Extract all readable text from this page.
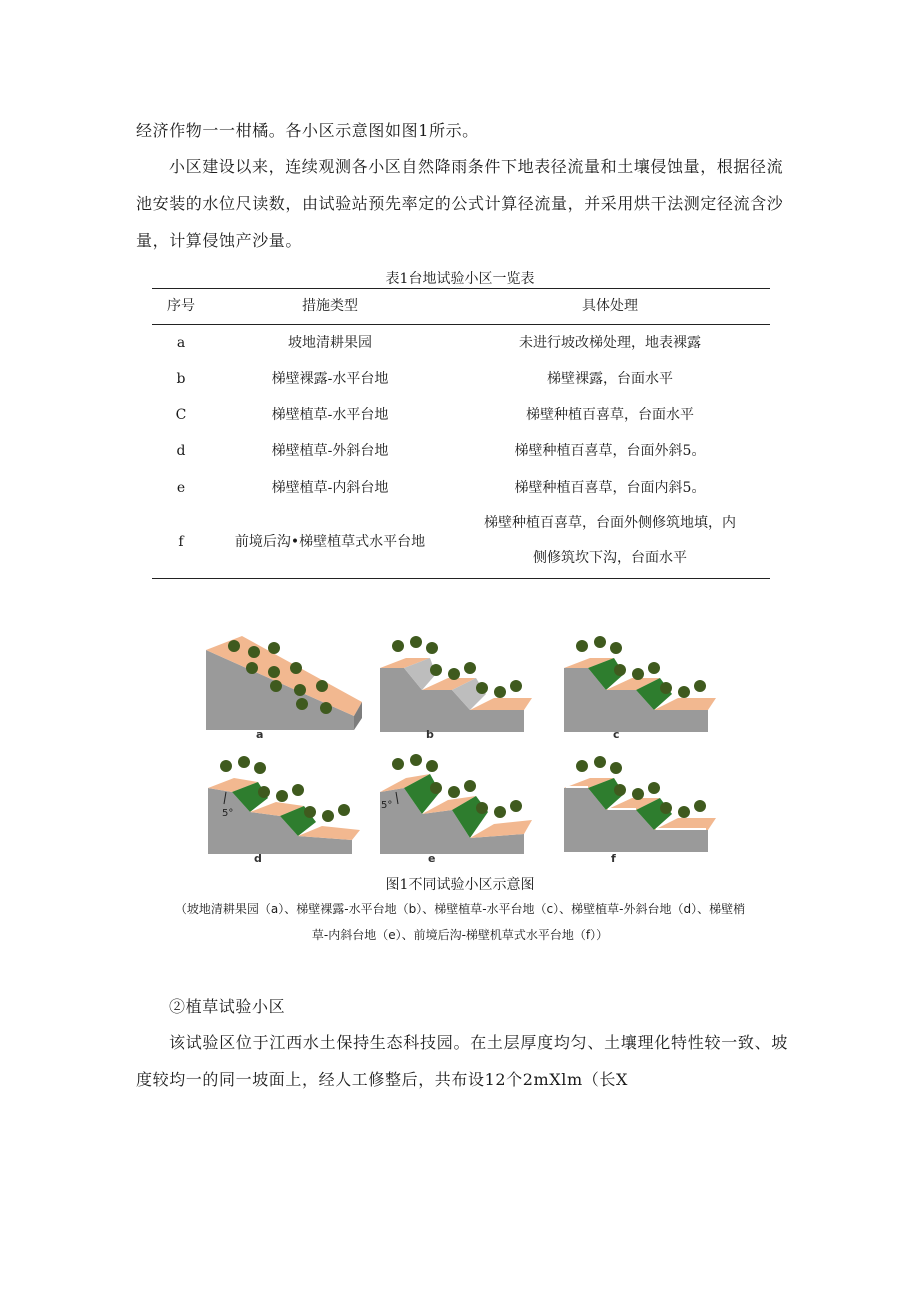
经济作物一一柑橘。各小区示意图如图1所示。

小区建设以来，连续观测各小区自然降雨条件下地表径流量和土壤侵蚀量，根据径流池安装的水位尺读数，由试验站预先率定的公式计算径流量，并采用烘干法测定径流含沙量，计算侵蚀产沙量。

表1台地试验小区一览表
序号	措施类型	具体处理
a	坡地清耕果园	未进行坡改梯处理，地表裸露
b	梯壁裸露-水平台地	梯壁裸露，台面水平
C	梯壁植草-水平台地	梯壁种植百喜草，台面水平
d	梯壁植草-外斜台地	梯壁种植百喜草，台面外斜5。
e	梯壁植草-内斜台地	梯壁种植百喜草，台面内斜5。
f	前境后沟•梯壁植草式水平台地
梯壁种植百喜草，台面外侧修筑地填，内
侧修筑坎下沟，台面水平
a	b	c
5°
d
5°
e	f
图1不同试验小区示意图
（坡地清耕果园（a）、梯壁裸露-水平台地（b）、梯壁植草-水平台地（c）、梯壁植草-外斜台地（d）、梯壁梢
草-内斜台地（e）、前境后沟-梯壁机草式水平台地（f））

②植草试验小区

该试验区位于江西水土保持生态科技园。在土层厚度均匀、土壤理化特性较一致、坡度较均一的同一坡面上，经人工修整后，共布设12个2mXlm（长X
